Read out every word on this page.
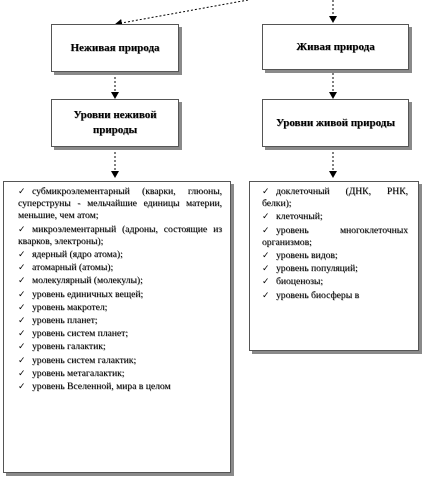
Неживая природа	Живая природа
Уровни неживой природы
Уровни живой природы
✓ субмикроэлементарный (кварки, глюоны, суперструны - мельчайшие единицы материи, меньшие, чем атом;
✓ микроэлементарный (адроны, состоящие из кварков, электроны);
✓ ядерный (ядро атома);
✓ атомарный (атомы);
✓ молекулярный (молекулы);
✓ уровень единичных вещей;
✓ уровень макротел;
✓ уровень планет;
✓ уровень систем планет;
✓ уровень галактик;
✓ уровень систем галактик;
✓ уровень метагалактик;
✓ уровень Вселенной, мира в целом
✓ доклеточный (ДНК, РНК, белки);
✓ клеточный;
✓ уровень многоклеточных организмов;
✓ уровень видов;
✓ уровень популяций;
✓ биоценозы;
✓ уровень биосферы в
